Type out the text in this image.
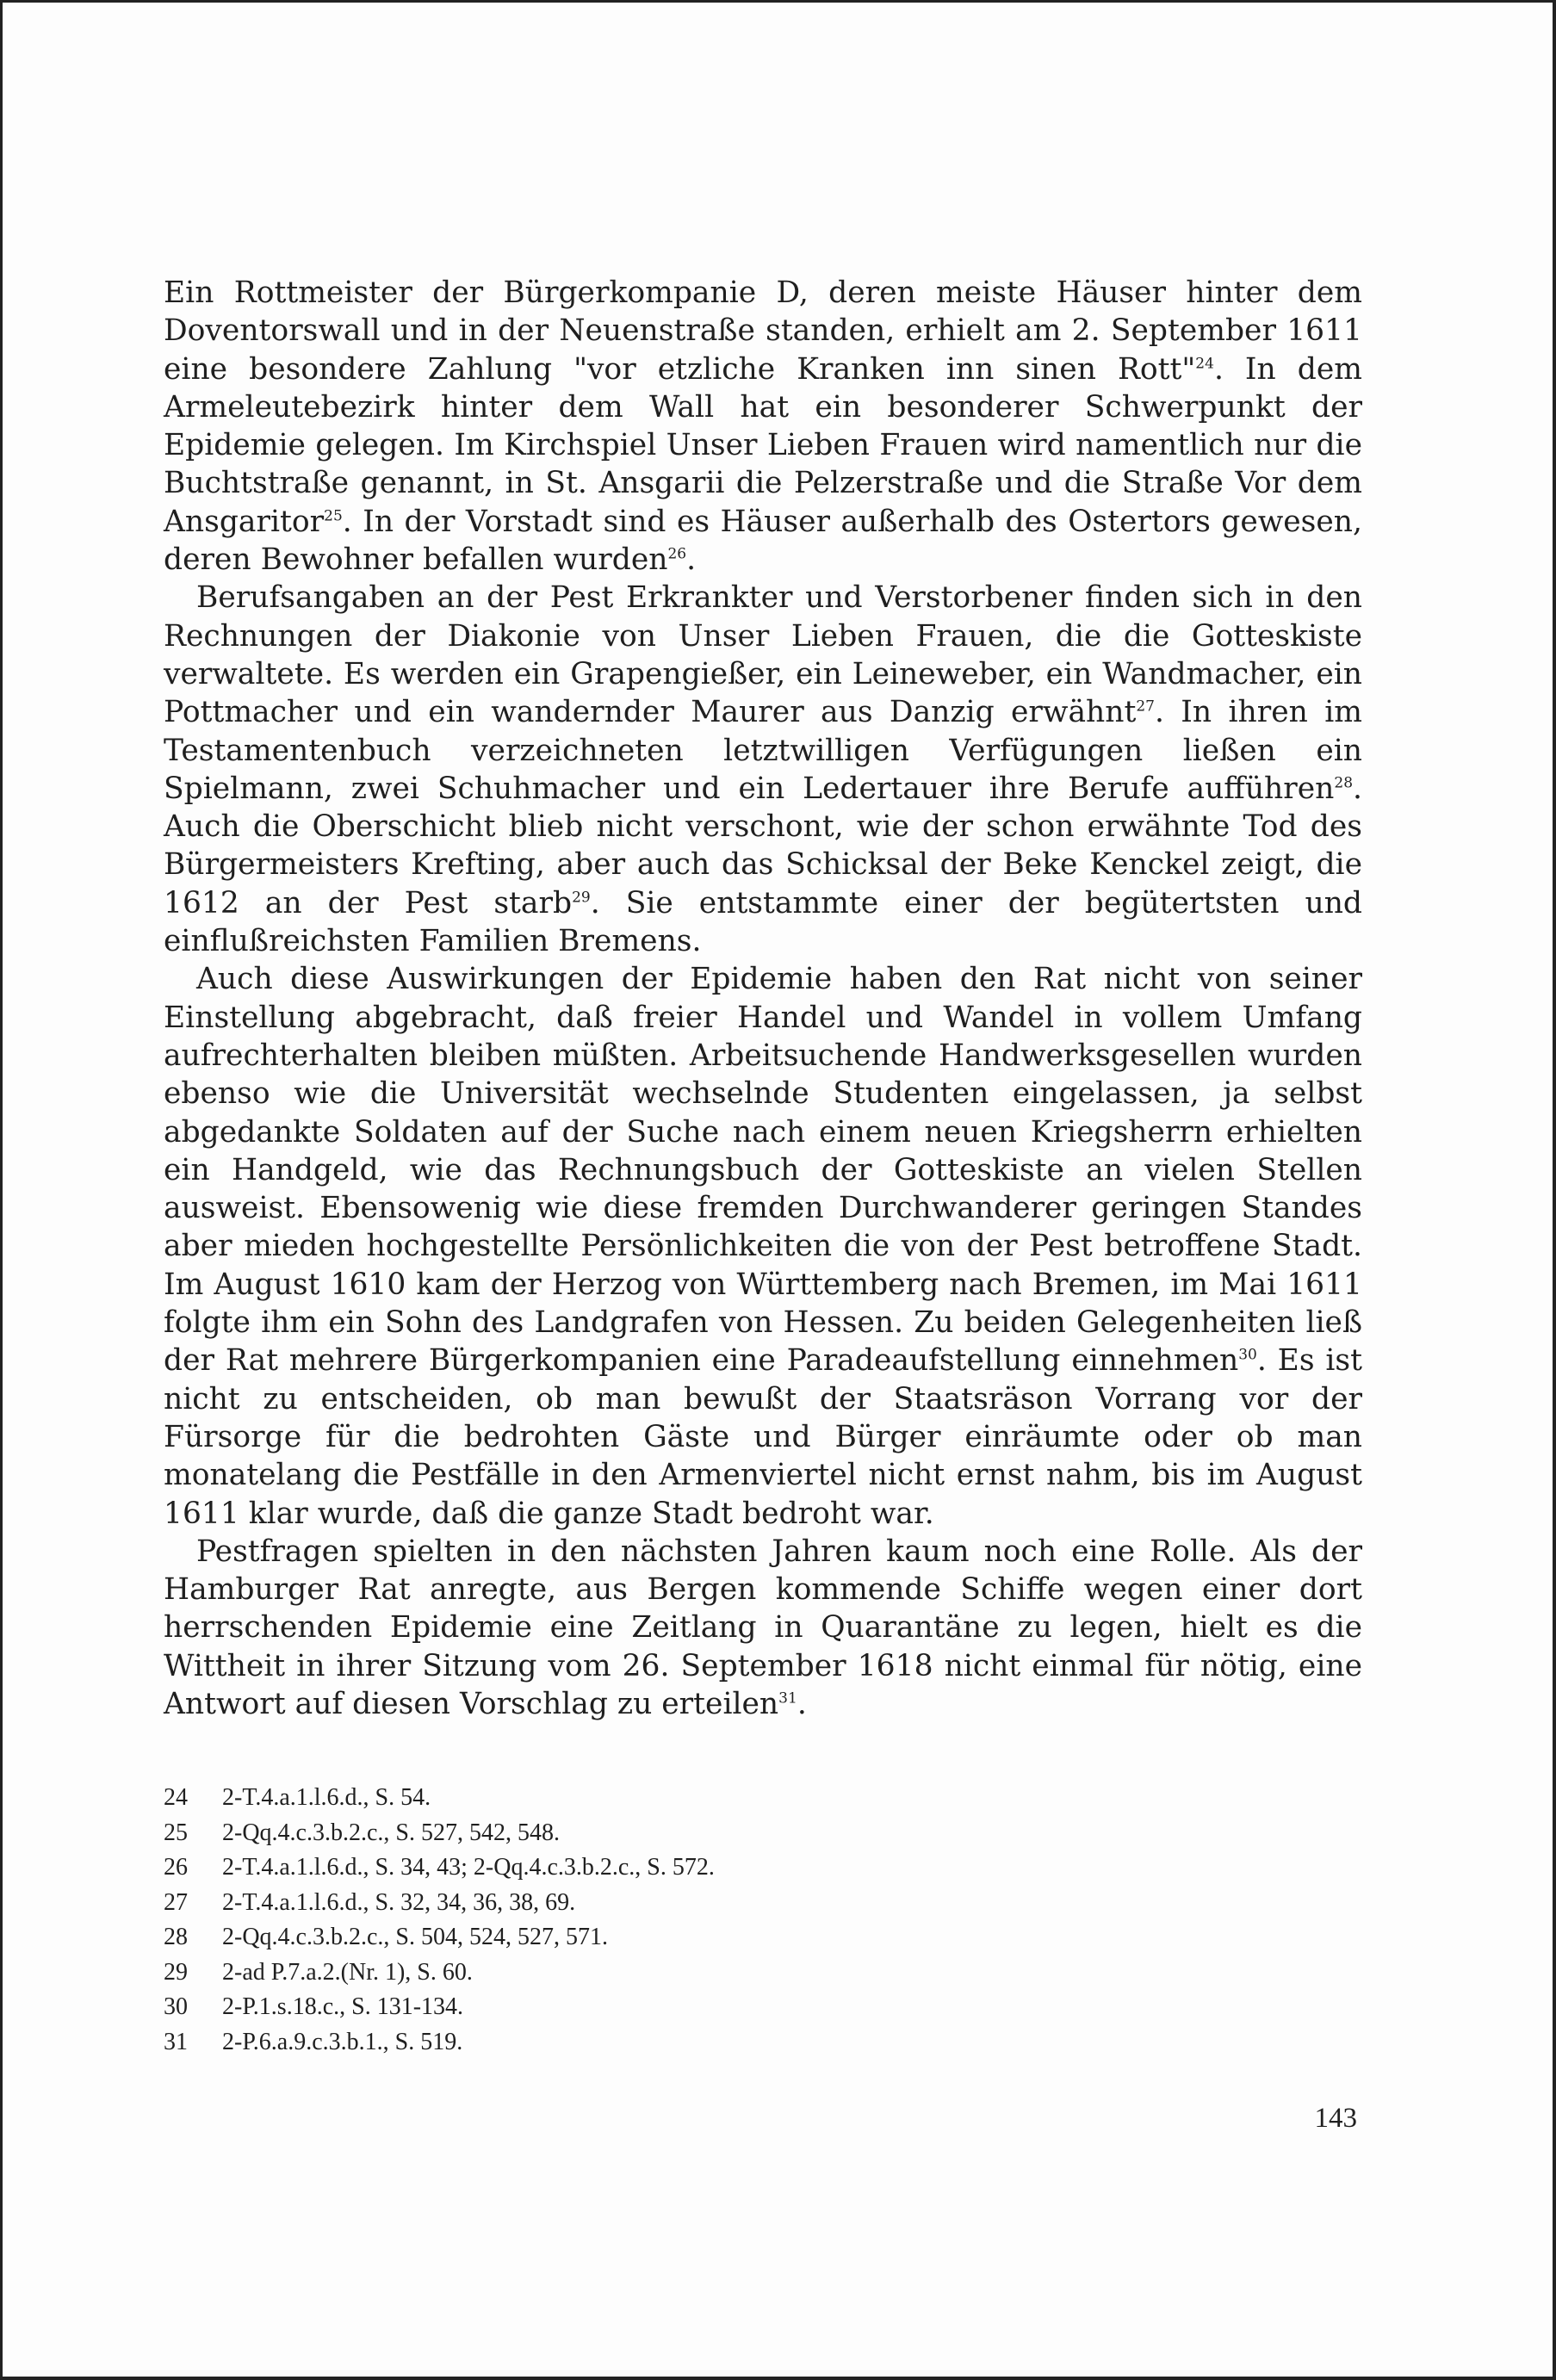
Ein Rottmeister der Bürgerkompanie D, deren meiste Häuser hinter dem Doventorswall und in der Neuenstraße standen, erhielt am 2. September 1611 eine besondere Zahlung "vor etzliche Kranken inn sinen Rott"$^{24}$. In dem Armeleutebezirk hinter dem Wall hat ein besonderer Schwerpunkt der Epidemie gelegen. Im Kirchspiel Unser Lieben Frauen wird namentlich nur die Buchtstraße genannt, in St. Ansgarii die Pelzerstraße und die Straße Vor dem Ansgaritor$^{25}$. In der Vorstadt sind es Häuser außerhalb des Ostertors gewesen, deren Bewohner befallen wurden$^{26}$.

Berufsangaben an der Pest Erkrankter und Verstorbener finden sich in den Rechnungen der Diakonie von Unser Lieben Frauen, die die Gotteskiste verwaltete. Es werden ein Grapengießer, ein Leineweber, ein Wandmacher, ein Pottmacher und ein wandernder Maurer aus Danzig erwähnt$^{27}$. In ihren im Testamentenbuch verzeichneten letztwilligen Verfügungen ließen ein Spielmann, zwei Schuhmacher und ein Ledertauer ihre Berufe aufführen$^{28}$. Auch die Oberschicht blieb nicht verschont, wie der schon erwähnte Tod des Bürgermeisters Krefting, aber auch das Schicksal der Beke Kenckel zeigt, die 1612 an der Pest starb$^{29}$. Sie entstammte einer der begütertsten und einflußreichsten Familien Bremens.

Auch diese Auswirkungen der Epidemie haben den Rat nicht von seiner Einstellung abgebracht, daß freier Handel und Wandel in vollem Umfang aufrechterhalten bleiben müßten. Arbeitsuchende Handwerksgesellen wurden ebenso wie die Universität wechselnde Studenten eingelassen, ja selbst abgedankte Soldaten auf der Suche nach einem neuen Kriegsherrn erhielten ein Handgeld, wie das Rechnungsbuch der Gotteskiste an vielen Stellen ausweist. Ebensowenig wie diese fremden Durchwanderer geringen Standes aber mieden hochgestellte Persönlichkeiten die von der Pest betroffene Stadt. Im August 1610 kam der Herzog von Württemberg nach Bremen, im Mai 1611 folgte ihm ein Sohn des Landgrafen von Hessen. Zu beiden Gelegenheiten ließ der Rat mehrere Bürgerkompanien eine Paradeaufstellung einnehmen$^{30}$. Es ist nicht zu entscheiden, ob man bewußt der Staatsräson Vorrang vor der Fürsorge für die bedrohten Gäste und Bürger einräumte oder ob man monatelang die Pestfälle in den Armenviertel nicht ernst nahm, bis im August 1611 klar wurde, daß die ganze Stadt bedroht war.

Pestfragen spielten in den nächsten Jahren kaum noch eine Rolle. Als der Hamburger Rat anregte, aus Bergen kommende Schiffe wegen einer dort herrschenden Epidemie eine Zeitlang in Quarantäne zu legen, hielt es die Wittheit in ihrer Sitzung vom 26. September 1618 nicht einmal für nötig, eine Antwort auf diesen Vorschlag zu erteilen$^{31}$.

24	2-T.4.a.1.l.6.d., S. 54.
25	2-Qq.4.c.3.b.2.c., S. 527, 542, 548.
26	2-T.4.a.1.l.6.d., S. 34, 43; 2-Qq.4.c.3.b.2.c., S. 572.
27	2-T.4.a.1.l.6.d., S. 32, 34, 36, 38, 69.
28	2-Qq.4.c.3.b.2.c., S. 504, 524, 527, 571.
29	2-ad P.7.a.2.(Nr. 1), S. 60.
30	2-P.1.s.18.c., S. 131-134.
31	2-P.6.a.9.c.3.b.1., S. 519.
143
